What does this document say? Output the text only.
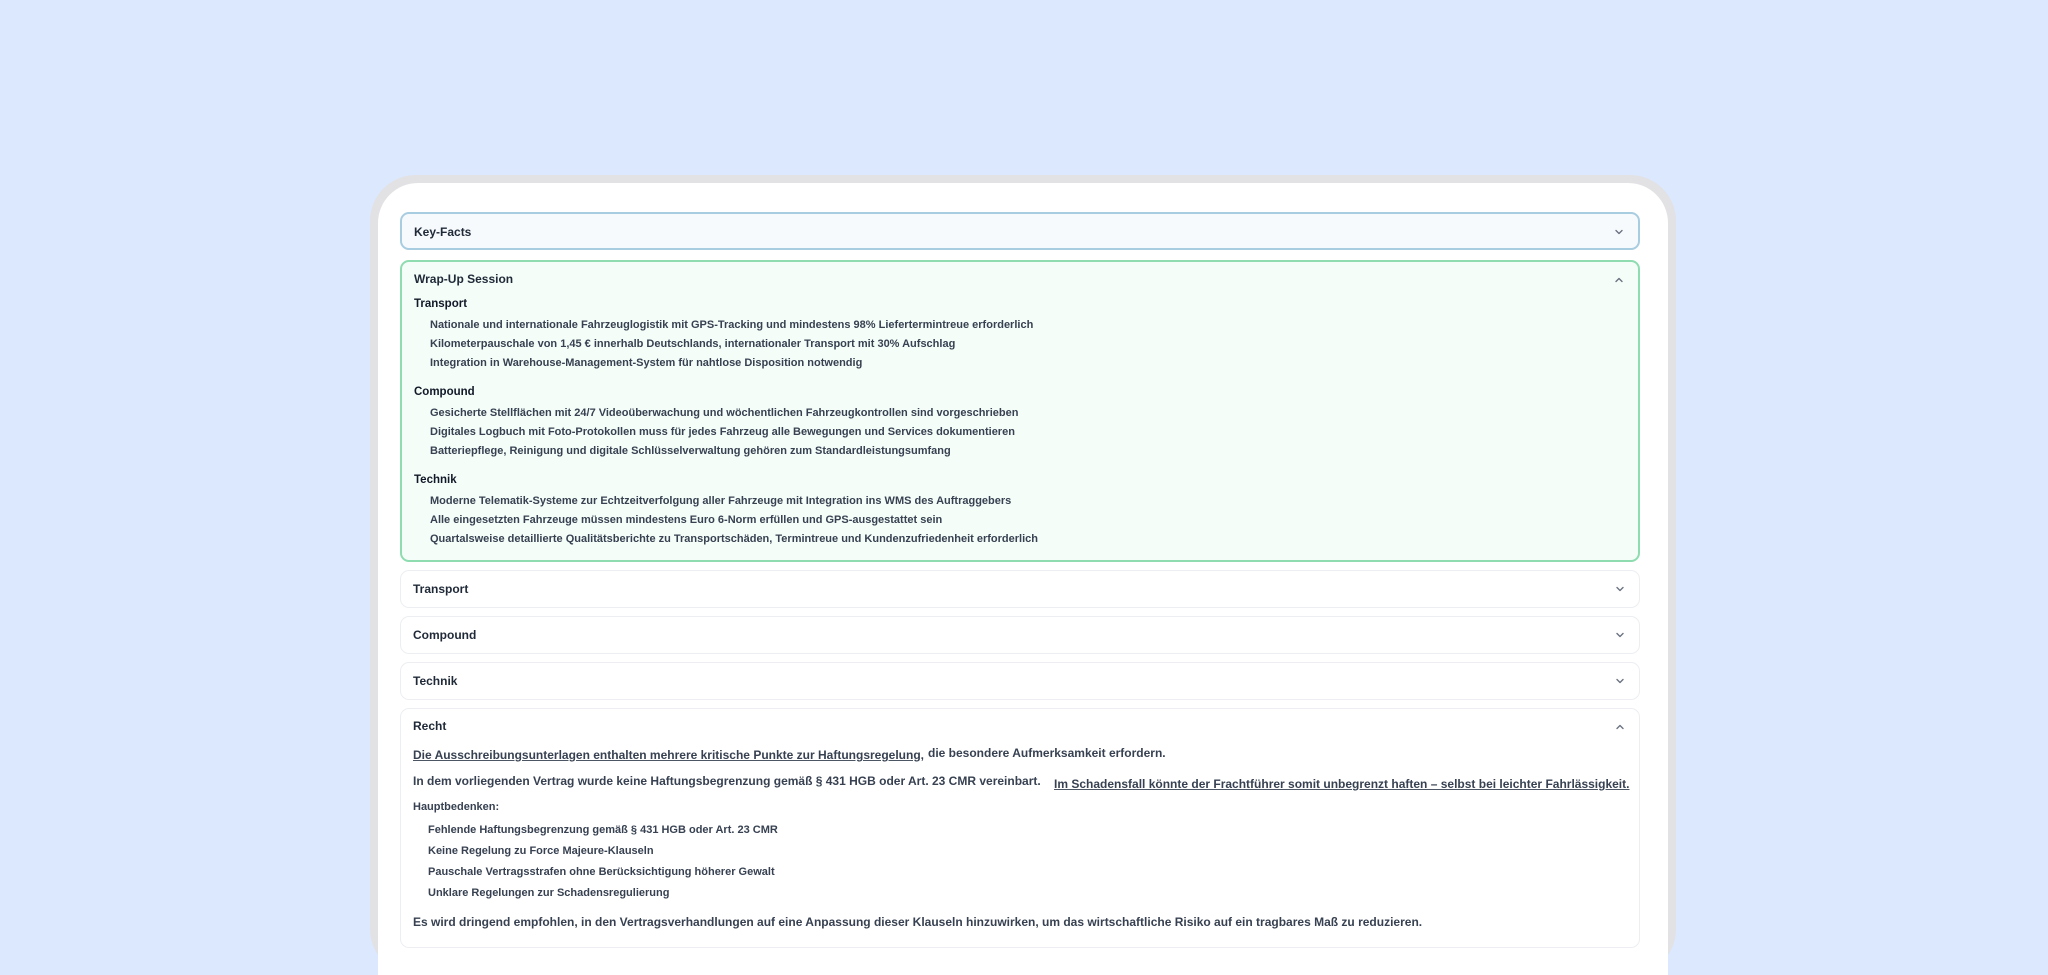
Key-Facts
Wrap-Up Session
Transport
Nationale und internationale Fahrzeuglogistik mit GPS-Tracking und mindestens 98% Liefertermintreue erforderlich
Kilometerpauschale von 1,45 € innerhalb Deutschlands, internationaler Transport mit 30% Aufschlag
Integration in Warehouse-Management-System für nahtlose Disposition notwendig
Compound
Gesicherte Stellflächen mit 24/7 Videoüberwachung und wöchentlichen Fahrzeugkontrollen sind vorgeschrieben
Digitales Logbuch mit Foto-Protokollen muss für jedes Fahrzeug alle Bewegungen und Services dokumentieren
Batteriepflege, Reinigung und digitale Schlüsselverwaltung gehören zum Standardleistungsumfang
Technik
Moderne Telematik-Systeme zur Echtzeitverfolgung aller Fahrzeuge mit Integration ins WMS des Auftraggebers
Alle eingesetzten Fahrzeuge müssen mindestens Euro 6-Norm erfüllen und GPS-ausgestattet sein
Quartalsweise detaillierte Qualitätsberichte zu Transportschäden, Termintreue und Kundenzufriedenheit erforderlich
Transport
Compound
Technik
Recht
Die Ausschreibungsunterlagen enthalten mehrere kritische Punkte zur Haftungsregelung, die besondere Aufmerksamkeit erfordern.
In dem vorliegenden Vertrag wurde keine Haftungsbegrenzung gemäß § 431 HGB oder Art. 23 CMR vereinbart. Im Schadensfall könnte der Frachtführer somit unbegrenzt haften – selbst bei leichter Fahrlässigkeit.
Hauptbedenken:
Fehlende Haftungsbegrenzung gemäß § 431 HGB oder Art. 23 CMR
Keine Regelung zu Force Majeure-Klauseln
Pauschale Vertragsstrafen ohne Berücksichtigung höherer Gewalt
Unklare Regelungen zur Schadensregulierung
Es wird dringend empfohlen, in den Vertragsverhandlungen auf eine Anpassung dieser Klauseln hinzuwirken, um das wirtschaftliche Risiko auf ein tragbares Maß zu reduzieren.
